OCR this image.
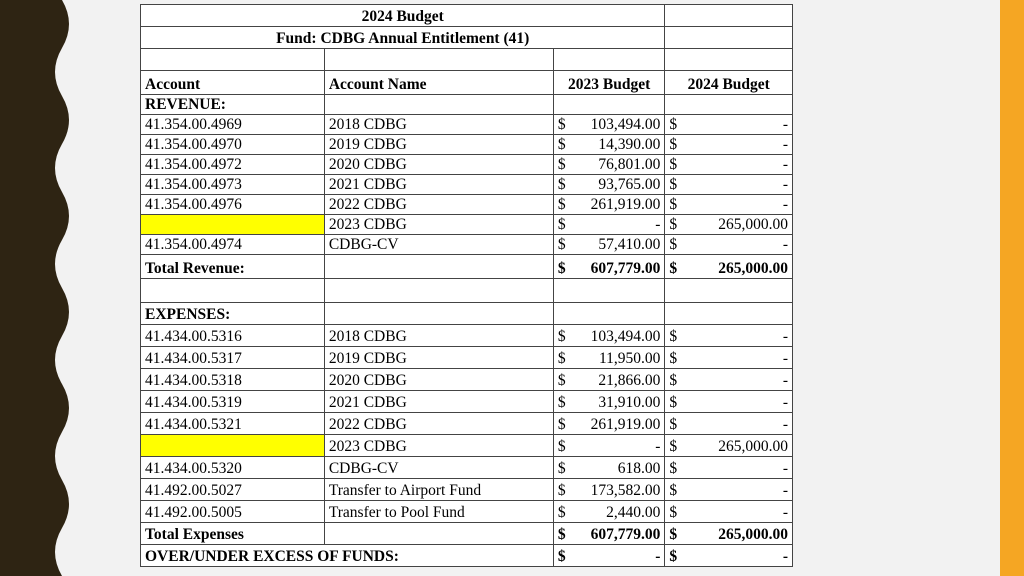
2024 Budget			
Fund: CDBG Annual Entitlement (41)			

Account	Account Name	2023 Budget	2024 Budget
REVENUE:			
41.354.00.4969	2018 CDBG	$ 103,494.00	$ -

41.354.00.4970	2019 CDBG	$ 14,390.00	$ -

41.354.00.4972	2020 CDBG	$ 76,801.00	$ -

41.354.00.4973	2021 CDBG	$ 93,765.00	$ -

41.354.00.4976	2022 CDBG	$ 261,919.00	$ -

	2023 CDBG	$ -	$ 265,000.00

41.354.00.4974	CDBG-CV	$ 57,410.00	$ -

Total Revenue:		$ 607,779.00	$ 265,000.00

EXPENSES:			
41.434.00.5316	2018 CDBG	$ 103,494.00	$ -

41.434.00.5317	2019 CDBG	$ 11,950.00	$ -

41.434.00.5318	2020 CDBG	$ 21,866.00	$ -

41.434.00.5319	2021 CDBG	$ 31,910.00	$ -

41.434.00.5321	2022 CDBG	$ 261,919.00	$ -

	2023 CDBG	$ -	$ 265,000.00

41.434.00.5320	CDBG-CV	$ 618.00	$ -

41.492.00.5027	Transfer to Airport Fund	$ 173,582.00	$ -

41.492.00.5005	Transfer to Pool Fund	$ 2,440.00	$ -

Total Expenses		$ 607,779.00	$ 265,000.00

OVER/UNDER EXCESS OF FUNDS:		$ -	$ -
